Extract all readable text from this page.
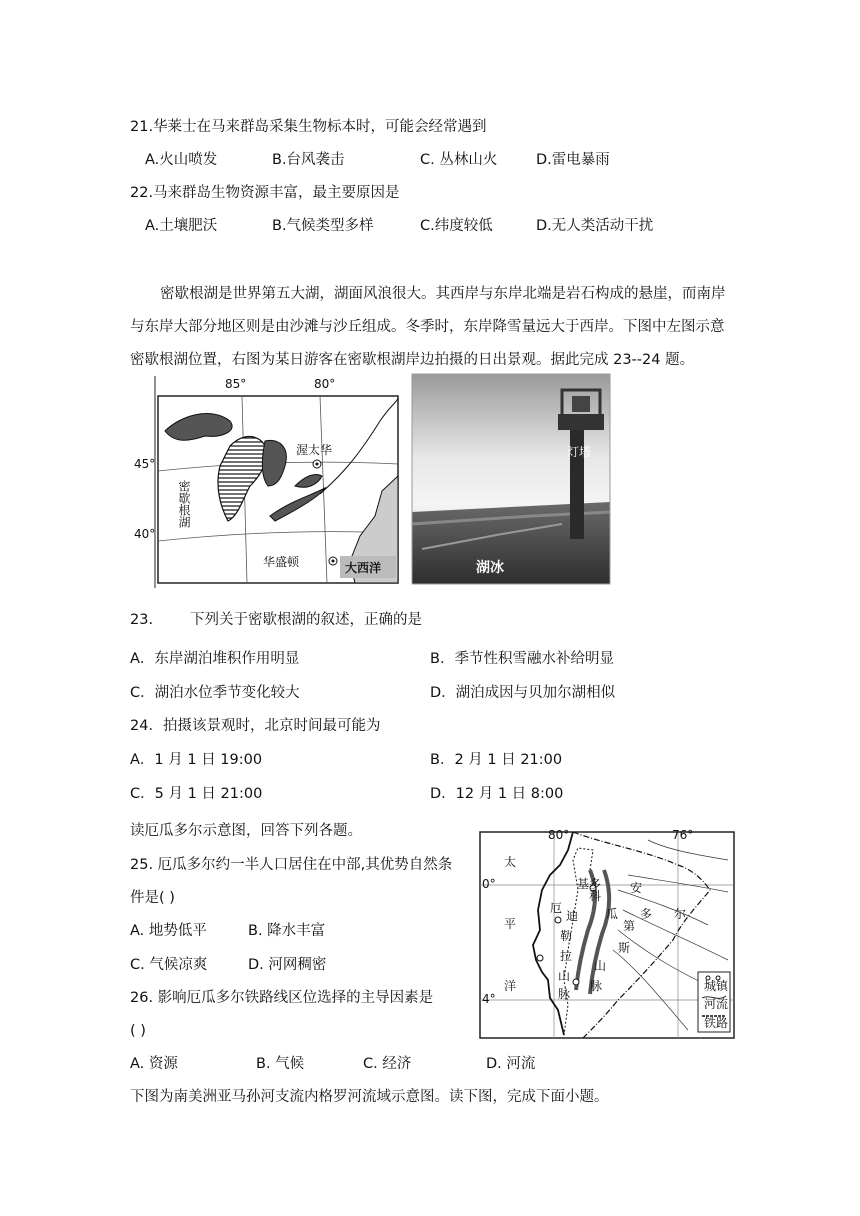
21.华莱士在马来群岛采集生物标本时，可能会经常遇到
A.火山喷发	B.台风袭击	C. 丛林山火	D.雷电暴雨
22.马来群岛生物资源丰富，最主要原因是
A.土壤肥沃	B.气候类型多样	C.纬度较低	D.无人类活动干扰
密歇根湖是世界第五大湖，湖面风浪很大。其西岸与东岸北端是岩石构成的悬崖，而南岸与东岸大部分地区则是由沙滩与沙丘组成。冬季时，东岸降雪量远大于西岸。下图中左图示意密歇根湖位置，右图为某日游客在密歇根湖岸边拍摄的日出景观。据此完成 23--24 题。
85°	80°
45°
40°
渥太华
华盛顿	大西洋
密歇根湖
灯塔
湖冰
23.	下列关于密歇根湖的叙述，正确的是
A．东岸湖泊堆积作用明显	B．季节性积雪融水补给明显
C．湖泊水位季节变化较大	D．湖泊成因与贝加尔湖相似
24．拍摄该景观时，北京时间最可能为
A．1 月 1 日 19:00	B．2 月 1 日 21:00
C．5 月 1 日 21:00	D．12 月 1 日 8:00
读厄瓜多尔示意图，回答下列各题。
25. 厄瓜多尔约一半人口居住在中部,其优势自然条
件是( )
A. 地势低平	B. 降水丰富
C. 气候凉爽	D. 河网稠密
26. 影响厄瓜多尔铁路线区位选择的主导因素是
( )
A. 资源	B. 气候	C. 经济	D. 河流
80°	76°
0°
4°
太
平
洋
厄	瓜 多 尔
基多
科
迪
勒
拉
山
脉
安
第
斯
山
脉	城镇
河流
铁路
下图为南美洲亚马孙河支流内格罗河流域示意图。读下图，完成下面小题。
